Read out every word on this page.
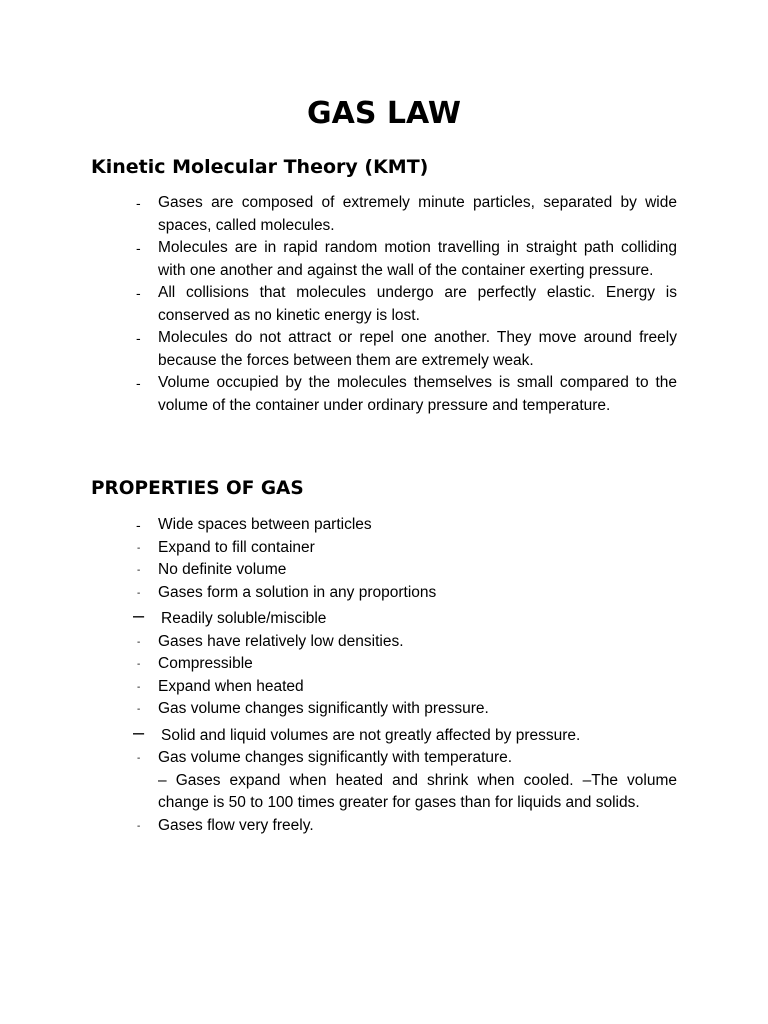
GAS LAW
Kinetic Molecular Theory (KMT)
- Gases are composed of extremely minute particles, separated by wide spaces, called molecules.
- Molecules are in rapid random motion travelling in straight path colliding with one another and against the wall of the container exerting pressure.
- All collisions that molecules undergo are perfectly elastic. Energy is conserved as no kinetic energy is lost.
- Molecules do not attract or repel one another. They move around freely because the forces between them are extremely weak.
- Volume occupied by the molecules themselves is small compared to the volume of the container under ordinary pressure and temperature.
PROPERTIES OF GAS
- Wide spaces between particles
- Expand to fill container
- No definite volume
- Gases form a solution in any proportions
– Readily soluble/miscible
- Gases have relatively low densities.
- Compressible
- Expand when heated
- Gas volume changes significantly with pressure.
– Solid and liquid volumes are not greatly affected by pressure.
- Gas volume changes significantly with temperature.
– Gases expand when heated and shrink when cooled. –The volume change is 50 to 100 times greater for gases than for liquids and solids.
- Gases flow very freely.
